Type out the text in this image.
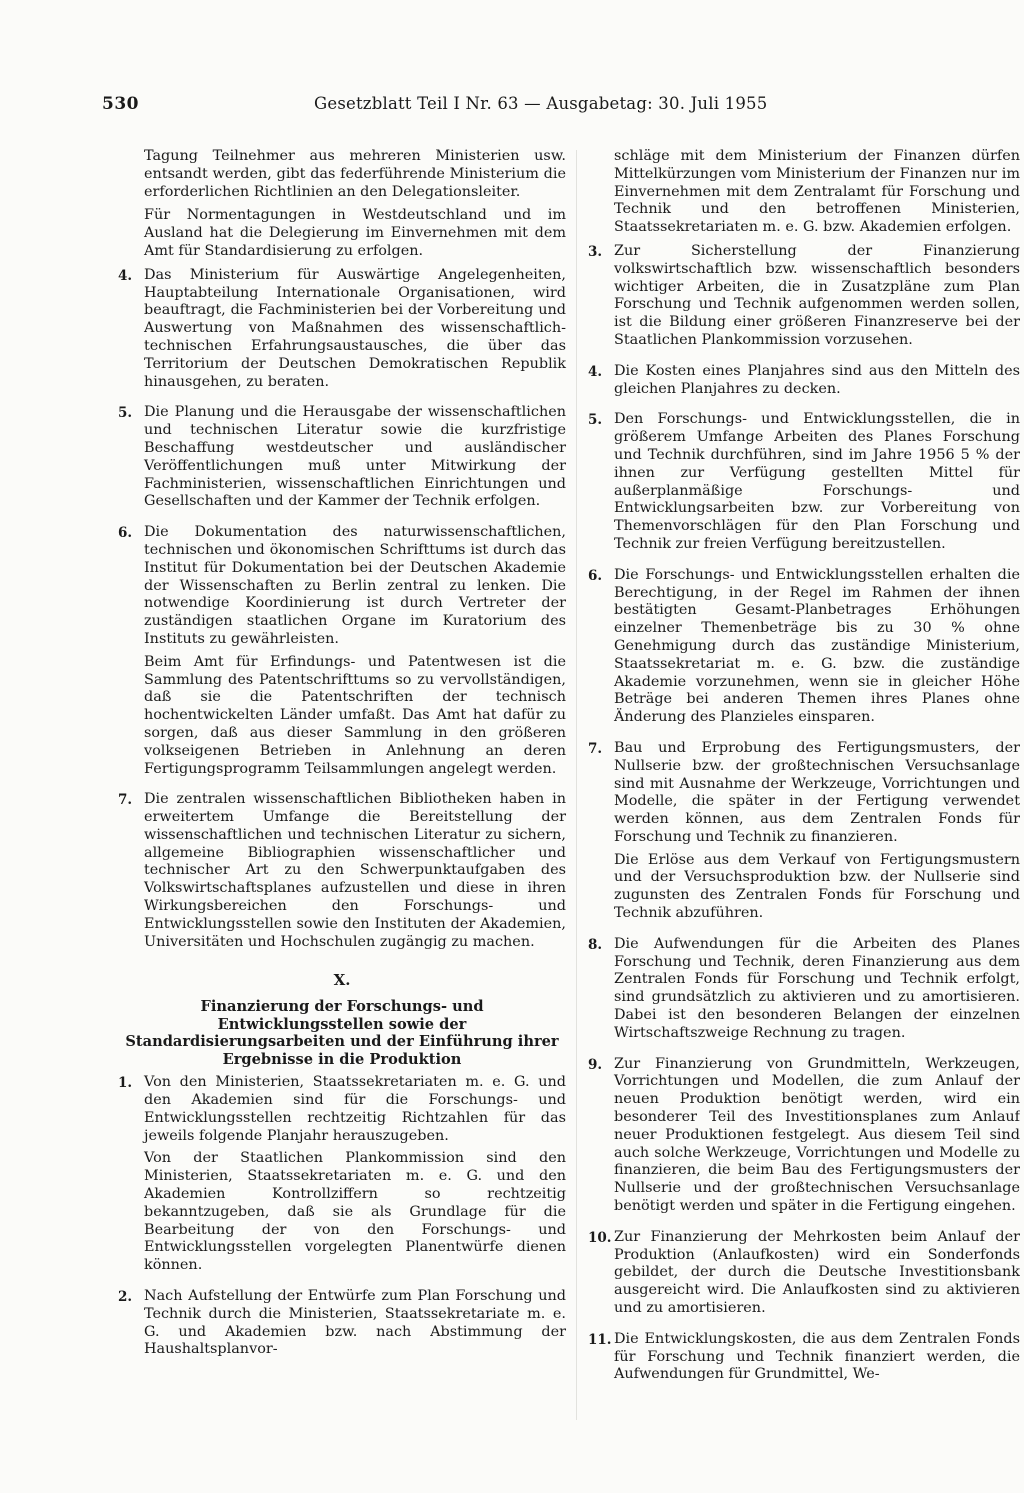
530	Gesetzblatt Teil I Nr. 63 — Ausgabetag: 30. Juli 1955

Tagung Teilnehmer aus mehreren Ministerien usw. entsandt werden, gibt das federführende Ministerium die erforderlichen Richtlinien an den Delegationsleiter.

Für Normentagungen in Westdeutschland und im Ausland hat die Delegierung im Einvernehmen mit dem Amt für Standardisierung zu erfolgen.

4. Das Ministerium für Auswärtige Angelegenheiten, Hauptabteilung Internationale Organisationen, wird beauftragt, die Fachministerien bei der Vorbereitung und Auswertung von Maßnahmen des wissenschaftlich-technischen Erfahrungsaustausches, die über das Territorium der Deutschen Demokratischen Republik hinausgehen, zu beraten.

5. Die Planung und die Herausgabe der wissenschaftlichen und technischen Literatur sowie die kurzfristige Beschaffung westdeutscher und ausländischer Veröffentlichungen muß unter Mitwirkung der Fachministerien, wissenschaftlichen Einrichtungen und Gesellschaften und der Kammer der Technik erfolgen.

6. Die Dokumentation des naturwissenschaftlichen, technischen und ökonomischen Schrifttums ist durch das Institut für Dokumentation bei der Deutschen Akademie der Wissenschaften zu Berlin zentral zu lenken. Die notwendige Koordinierung ist durch Vertreter der zuständigen staatlichen Organe im Kuratorium des Instituts zu gewährleisten.

Beim Amt für Erfindungs- und Patentwesen ist die Sammlung des Patentschrifttums so zu vervollständigen, daß sie die Patentschriften der technisch hochentwickelten Länder umfaßt. Das Amt hat dafür zu sorgen, daß aus dieser Sammlung in den größeren volkseigenen Betrieben in Anlehnung an deren Fertigungsprogramm Teilsammlungen angelegt werden.

7. Die zentralen wissenschaftlichen Bibliotheken haben in erweitertem Umfange die Bereitstellung der wissenschaftlichen und technischen Literatur zu sichern, allgemeine Bibliographien wissenschaftlicher und technischer Art zu den Schwerpunktaufgaben des Volkswirtschaftsplanes aufzustellen und diese in ihren Wirkungsbereichen den Forschungs- und Entwicklungsstellen sowie den Instituten der Akademien, Universitäten und Hochschulen zugängig zu machen.

X.
Finanzierung der Forschungs- und Entwicklungsstellen sowie der Standardisierungsarbeiten und der Einführung ihrer Ergebnisse in die Produktion
1. Von den Ministerien, Staatssekretariaten m. e. G. und den Akademien sind für die Forschungs- und Entwicklungsstellen rechtzeitig Richtzahlen für das jeweils folgende Planjahr herauszugeben.

Von der Staatlichen Plankommission sind den Ministerien, Staatssekretariaten m. e. G. und den Akademien Kontrollziffern so rechtzeitig bekanntzugeben, daß sie als Grundlage für die Bearbeitung der von den Forschungs- und Entwicklungsstellen vorgelegten Planentwürfe dienen können.

2. Nach Aufstellung der Entwürfe zum Plan Forschung und Technik durch die Ministerien, Staatssekretariate m. e. G. und Akademien bzw. nach Abstimmung der Haushaltsplanvor-

schläge mit dem Ministerium der Finanzen dürfen Mittelkürzungen vom Ministerium der Finanzen nur im Einvernehmen mit dem Zentralamt für Forschung und Technik und den betroffenen Ministerien, Staatssekretariaten m. e. G. bzw. Akademien erfolgen.

3. Zur Sicherstellung der Finanzierung volkswirtschaftlich bzw. wissenschaftlich besonders wichtiger Arbeiten, die in Zusatzpläne zum Plan Forschung und Technik aufgenommen werden sollen, ist die Bildung einer größeren Finanzreserve bei der Staatlichen Plankommission vorzusehen.

4. Die Kosten eines Planjahres sind aus den Mitteln des gleichen Planjahres zu decken.

5. Den Forschungs- und Entwicklungsstellen, die in größerem Umfange Arbeiten des Planes Forschung und Technik durchführen, sind im Jahre 1956 5 % der ihnen zur Verfügung gestellten Mittel für außerplanmäßige Forschungs- und Entwicklungsarbeiten bzw. zur Vorbereitung von Themenvorschlägen für den Plan Forschung und Technik zur freien Verfügung bereitzustellen.

6. Die Forschungs- und Entwicklungsstellen erhalten die Berechtigung, in der Regel im Rahmen der ihnen bestätigten Gesamt-Planbetrages Erhöhungen einzelner Themenbeträge bis zu 30 % ohne Genehmigung durch das zuständige Ministerium, Staatssekretariat m. e. G. bzw. die zuständige Akademie vorzunehmen, wenn sie in gleicher Höhe Beträge bei anderen Themen ihres Planes ohne Änderung des Planzieles einsparen.

7. Bau und Erprobung des Fertigungsmusters, der Nullserie bzw. der großtechnischen Versuchsanlage sind mit Ausnahme der Werkzeuge, Vorrichtungen und Modelle, die später in der Fertigung verwendet werden können, aus dem Zentralen Fonds für Forschung und Technik zu finanzieren.

Die Erlöse aus dem Verkauf von Fertigungsmustern und der Versuchsproduktion bzw. der Nullserie sind zugunsten des Zentralen Fonds für Forschung und Technik abzuführen.

8. Die Aufwendungen für die Arbeiten des Planes Forschung und Technik, deren Finanzierung aus dem Zentralen Fonds für Forschung und Technik erfolgt, sind grundsätzlich zu aktivieren und zu amortisieren. Dabei ist den besonderen Belangen der einzelnen Wirtschaftszweige Rechnung zu tragen.

9. Zur Finanzierung von Grundmitteln, Werkzeugen, Vorrichtungen und Modellen, die zum Anlauf der neuen Produktion benötigt werden, wird ein besonderer Teil des Investitionsplanes zum Anlauf neuer Produktionen festgelegt. Aus diesem Teil sind auch solche Werkzeuge, Vorrichtungen und Modelle zu finanzieren, die beim Bau des Fertigungsmusters der Nullserie und der großtechnischen Versuchsanlage benötigt werden und später in die Fertigung eingehen.

10. Zur Finanzierung der Mehrkosten beim Anlauf der Produktion (Anlaufkosten) wird ein Sonderfonds gebildet, der durch die Deutsche Investitionsbank ausgereicht wird. Die Anlaufkosten sind zu aktivieren und zu amortisieren.

11. Die Entwicklungskosten, die aus dem Zentralen Fonds für Forschung und Technik finanziert werden, die Aufwendungen für Grundmittel, We-
